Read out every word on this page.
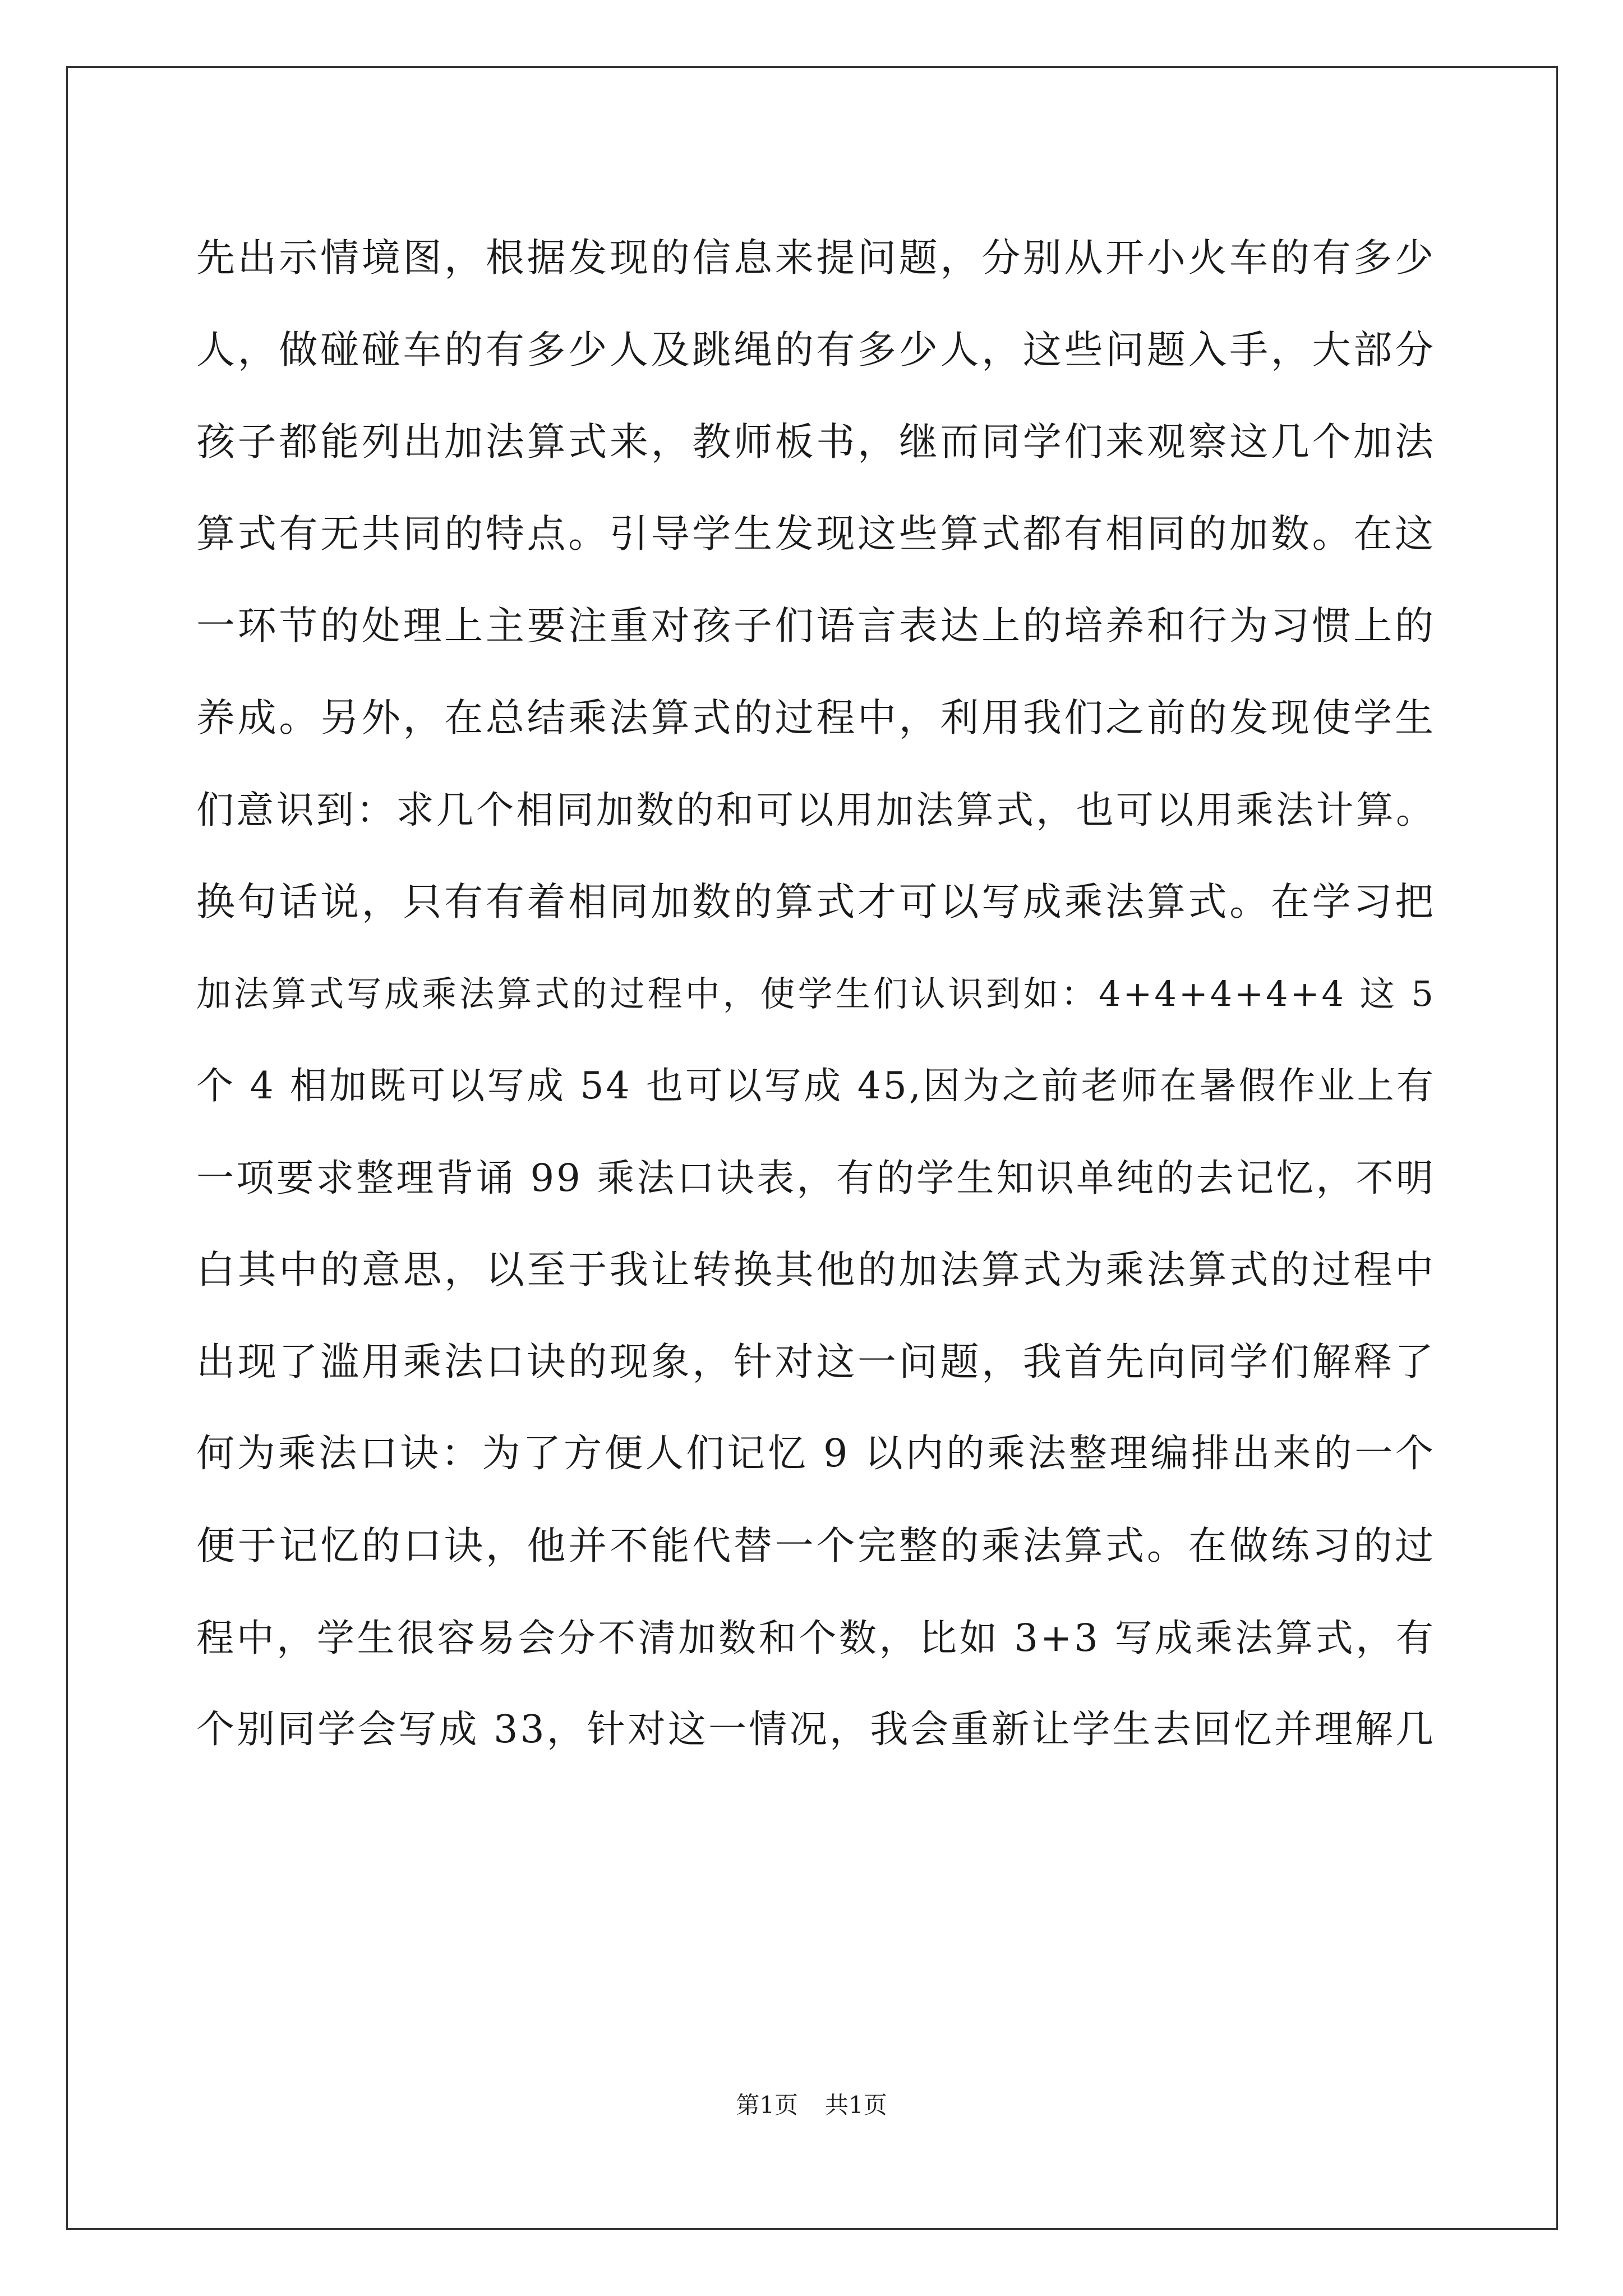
先出示情境图，根据发现的信息来提问题，分别从开小火车的有多少
人，做碰碰车的有多少人及跳绳的有多少人，这些问题入手，大部分
孩子都能列出加法算式来，教师板书，继而同学们来观察这几个加法
算式有无共同的特点。引导学生发现这些算式都有相同的加数。在这
一环节的处理上主要注重对孩子们语言表达上的培养和行为习惯上的
养成。另外，在总结乘法算式的过程中，利用我们之前的发现使学生
们意识到：求几个相同加数的和可以用加法算式，也可以用乘法计算。
换句话说，只有有着相同加数的算式才可以写成乘法算式。在学习把
加法算式写成乘法算式的过程中，使学生们认识到如：4+4+4+4+4 这 5
个 4 相加既可以写成 54 也可以写成 45,因为之前老师在暑假作业上有
一项要求整理背诵 99 乘法口诀表，有的学生知识单纯的去记忆，不明
白其中的意思，以至于我让转换其他的加法算式为乘法算式的过程中
出现了滥用乘法口诀的现象，针对这一问题，我首先向同学们解释了
何为乘法口诀：为了方便人们记忆 9 以内的乘法整理编排出来的一个
便于记忆的口诀，他并不能代替一个完整的乘法算式。在做练习的过
程中，学生很容易会分不清加数和个数，比如 3+3 写成乘法算式，有
个别同学会写成 33，针对这一情况，我会重新让学生去回忆并理解几
第1页 共1页
